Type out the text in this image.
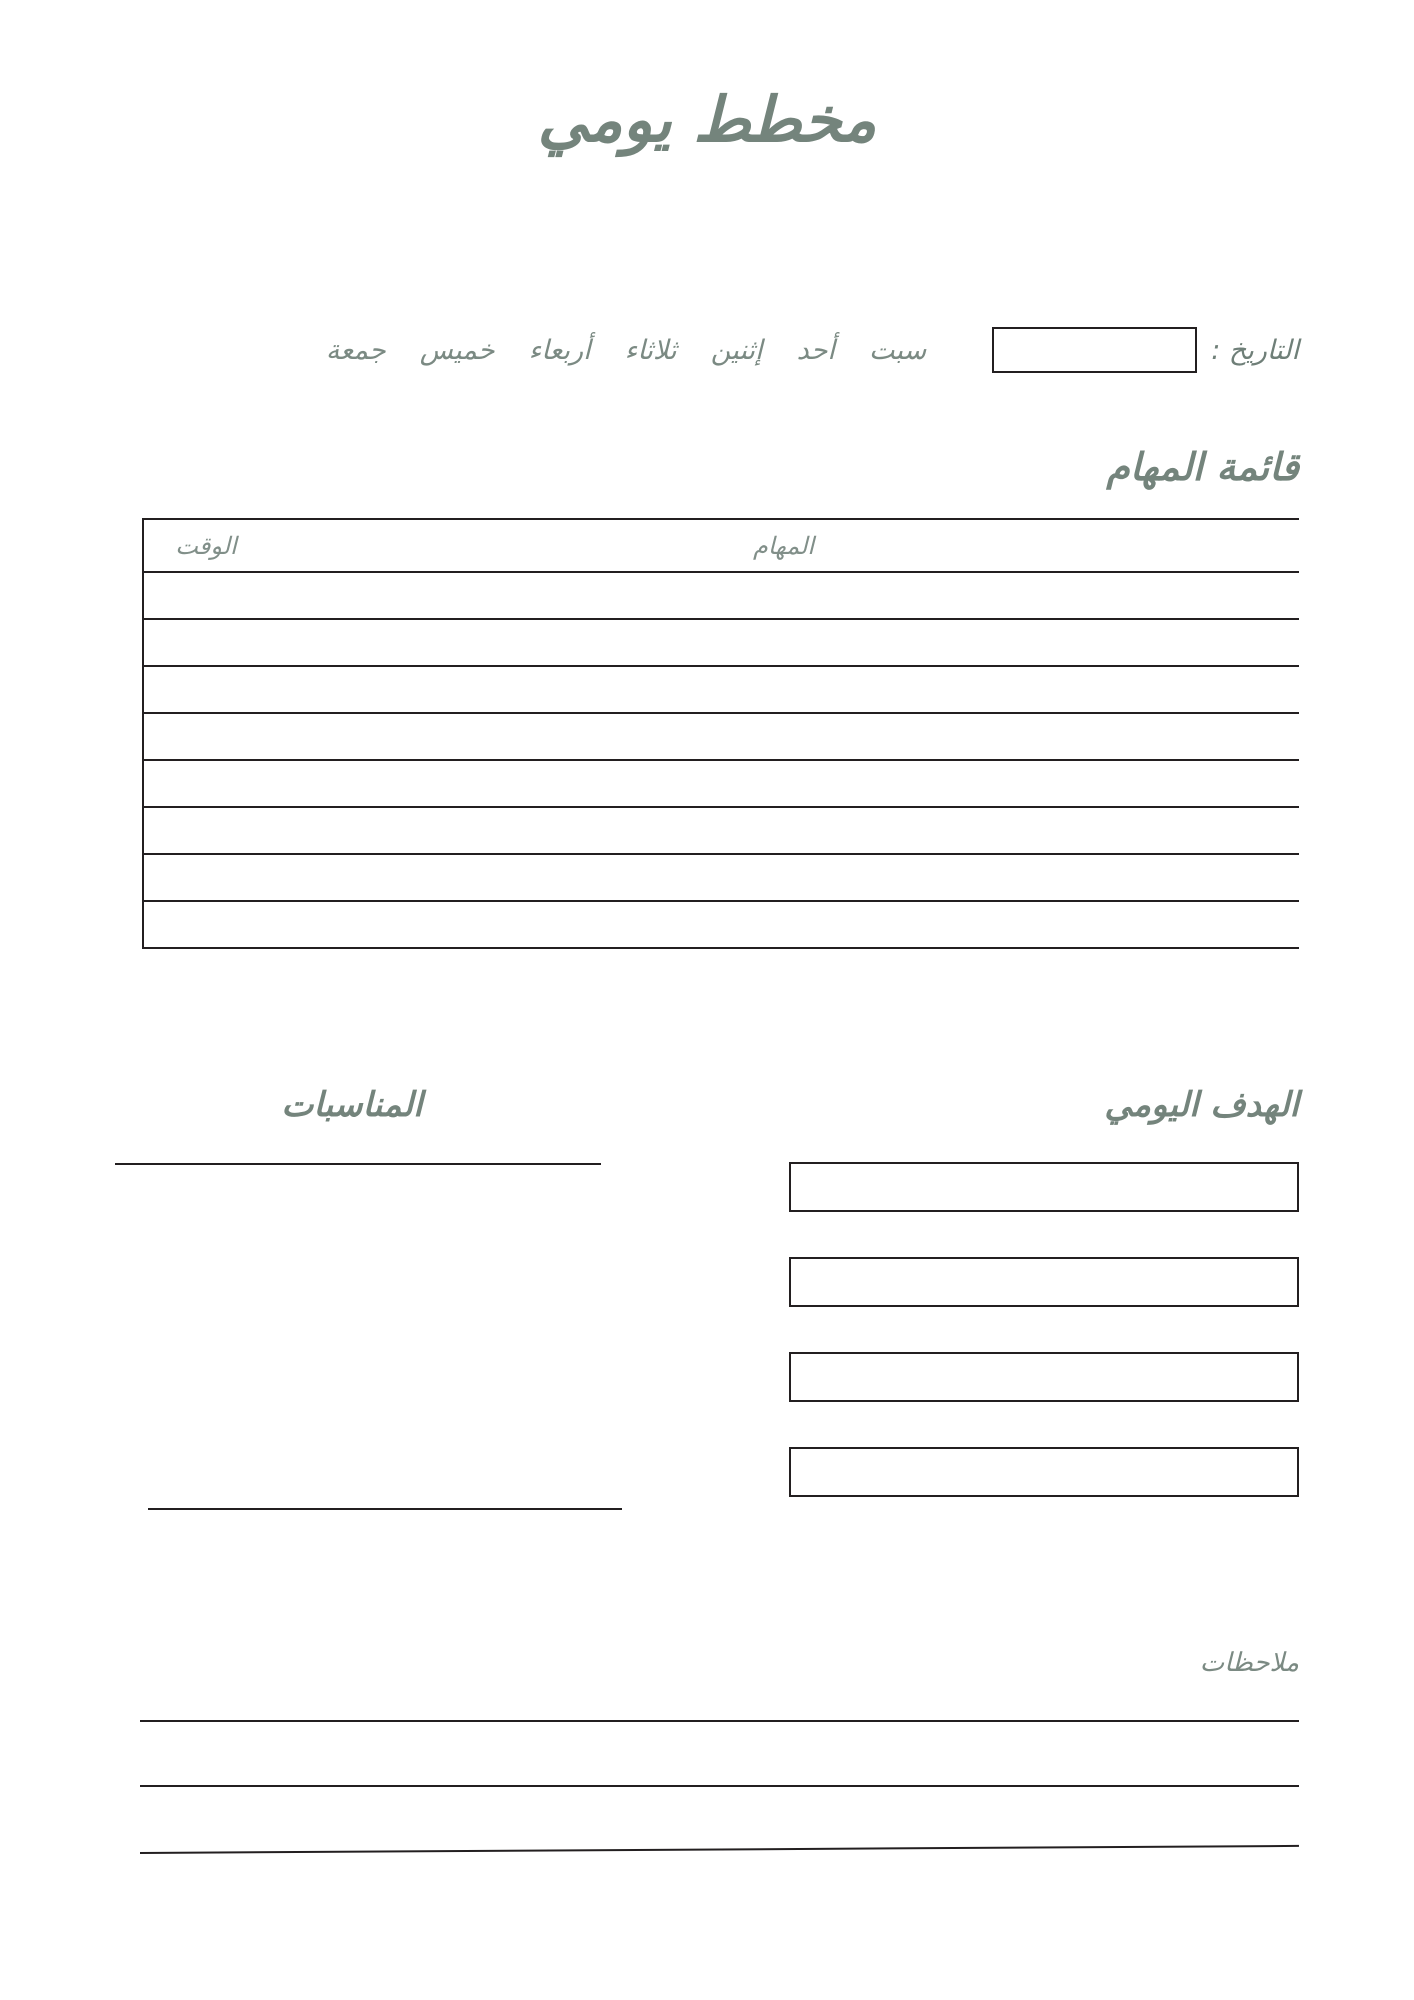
مخطط يومي
التاريخ :
سبت
أحد
إثنين
ثلاثاء
أربعاء
خميس
جمعة
قائمة المهام
المهام	الوقت

الهدف اليومي
المناسبات
ملاحظات
